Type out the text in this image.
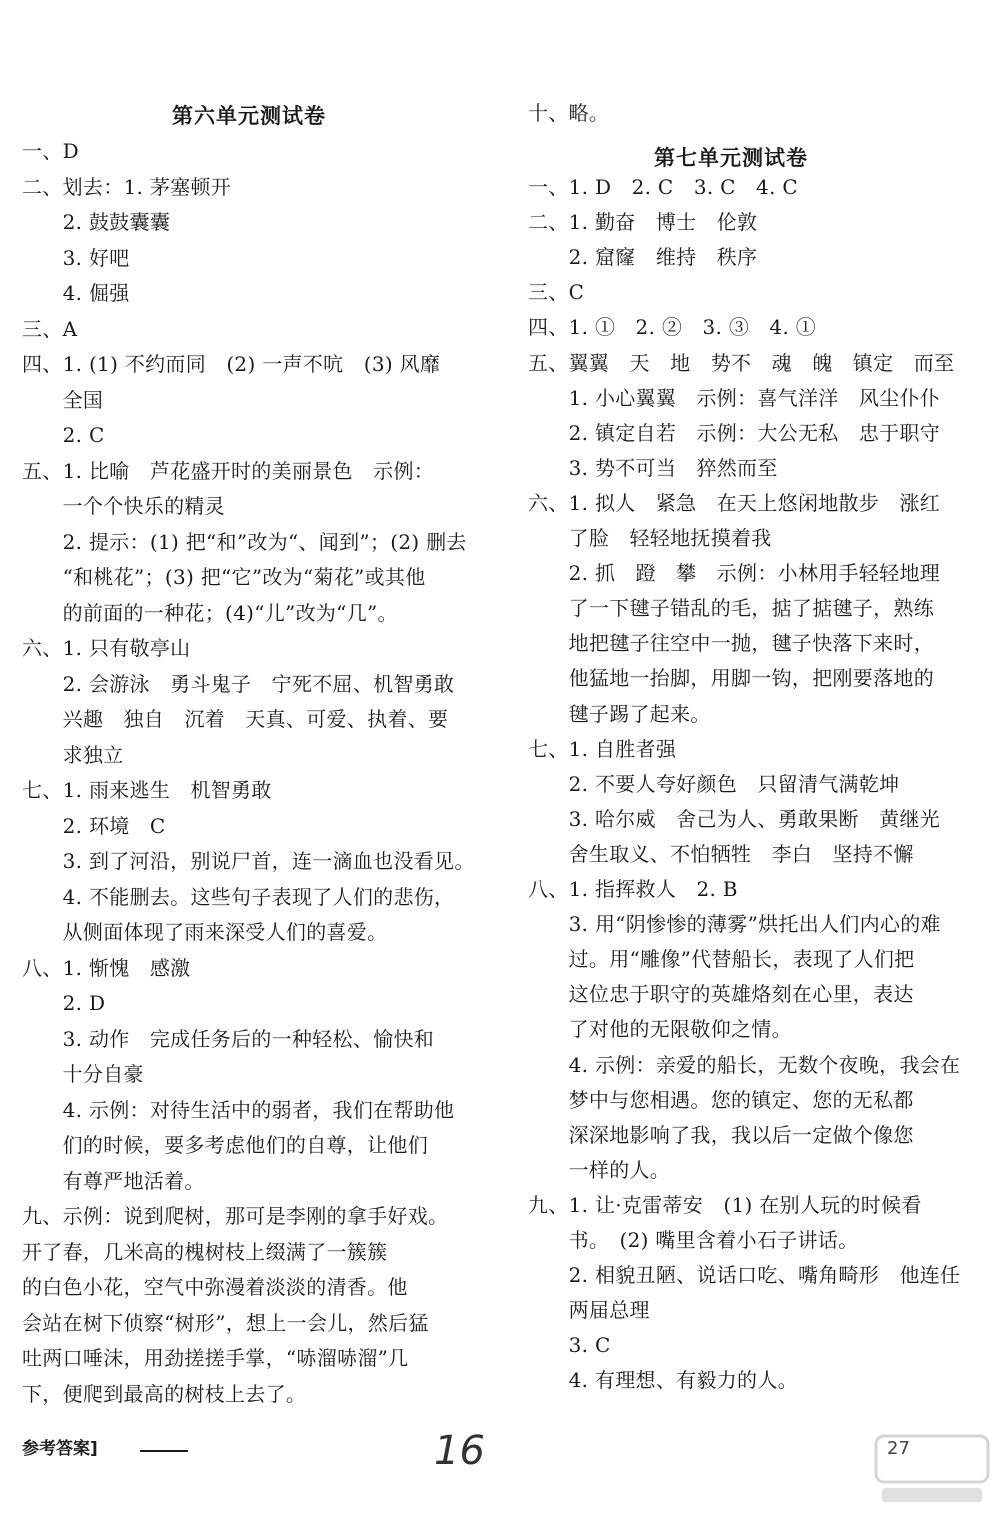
第六单元测试卷
一、D
二、划去：1. 茅塞顿开
　　2. 鼓鼓囊囊
　　3. 好吧
　　4. 倔强
三、A
四、1. (1) 不约而同　(2) 一声不吭　(3) 风靡
　　全国
　　2. C
五、1. 比喻　芦花盛开时的美丽景色　示例：
　　一个个快乐的精灵
　　2. 提示：(1) 把“和”改为“、闻到”；(2) 删去
　　“和桃花”；(3) 把“它”改为“菊花”或其他
　　的前面的一种花；(4)“儿”改为“几”。
六、1. 只有敬亭山
　　2. 会游泳　勇斗鬼子　宁死不屈、机智勇敢
　　兴趣　独自　沉着　天真、可爱、执着、要
　　求独立
七、1. 雨来逃生　机智勇敢
　　2. 环境　C
　　3. 到了河沿，别说尸首，连一滴血也没看见。
　　4. 不能删去。这些句子表现了人们的悲伤，
　　从侧面体现了雨来深受人们的喜爱。
八、1. 惭愧　感激
　　2. D
　　3. 动作　完成任务后的一种轻松、愉快和
　　十分自豪
　　4. 示例：对待生活中的弱者，我们在帮助他
　　们的时候，要多考虑他们的自尊，让他们
　　有尊严地活着。
九、示例：说到爬树，那可是李刚的拿手好戏。
开了春，几米高的槐树枝上缀满了一簇簇
的白色小花，空气中弥漫着淡淡的清香。他
会站在树下侦察“树形”，想上一会儿，然后猛
吐两口唾沫，用劲搓搓手掌，“哧溜哧溜”几
下，便爬到最高的树枝上去了。
参考答案]
十、略。
第七单元测试卷
一、1. D　2. C　3. C　4. C
二、1. 勤奋　博士　伦敦
　　2. 窟窿　维持　秩序
三、C
四、1. ①　2. ②　3. ③　4. ①
五、翼翼　天　地　势不　魂　魄　镇定　而至
　　1. 小心翼翼　示例：喜气洋洋　风尘仆仆
　　2. 镇定自若　示例：大公无私　忠于职守
　　3. 势不可当　猝然而至
六、1. 拟人　紧急　在天上悠闲地散步　涨红
　　了脸　轻轻地抚摸着我
　　2. 抓　蹬　攀　示例：小林用手轻轻地理
　　了一下毽子错乱的毛，掂了掂毽子，熟练
　　地把毽子往空中一抛，毽子快落下来时，
　　他猛地一抬脚，用脚一钩，把刚要落地的
　　毽子踢了起来。
七、1. 自胜者强
　　2. 不要人夸好颜色　只留清气满乾坤
　　3. 哈尔威　舍己为人、勇敢果断　黄继光
　　舍生取义、不怕牺牲　李白　坚持不懈
八、1. 指挥救人　2. B
　　3. 用“阴惨惨的薄雾”烘托出人们内心的难
　　过。用“雕像”代替船长，表现了人们把
　　这位忠于职守的英雄烙刻在心里，表达
　　了对他的无限敬仰之情。
　　4. 示例：亲爱的船长，无数个夜晚，我会在
　　梦中与您相遇。您的镇定、您的无私都
　　深深地影响了我，我以后一定做个像您
　　一样的人。
九、1. 让·克雷蒂安　(1) 在别人玩的时候看
　　书。　(2) 嘴里含着小石子讲话。
　　2. 相貌丑陋、说话口吃、嘴角畸形　他连任
　　两届总理
　　3. C
　　4. 有理想、有毅力的人。
16	27
